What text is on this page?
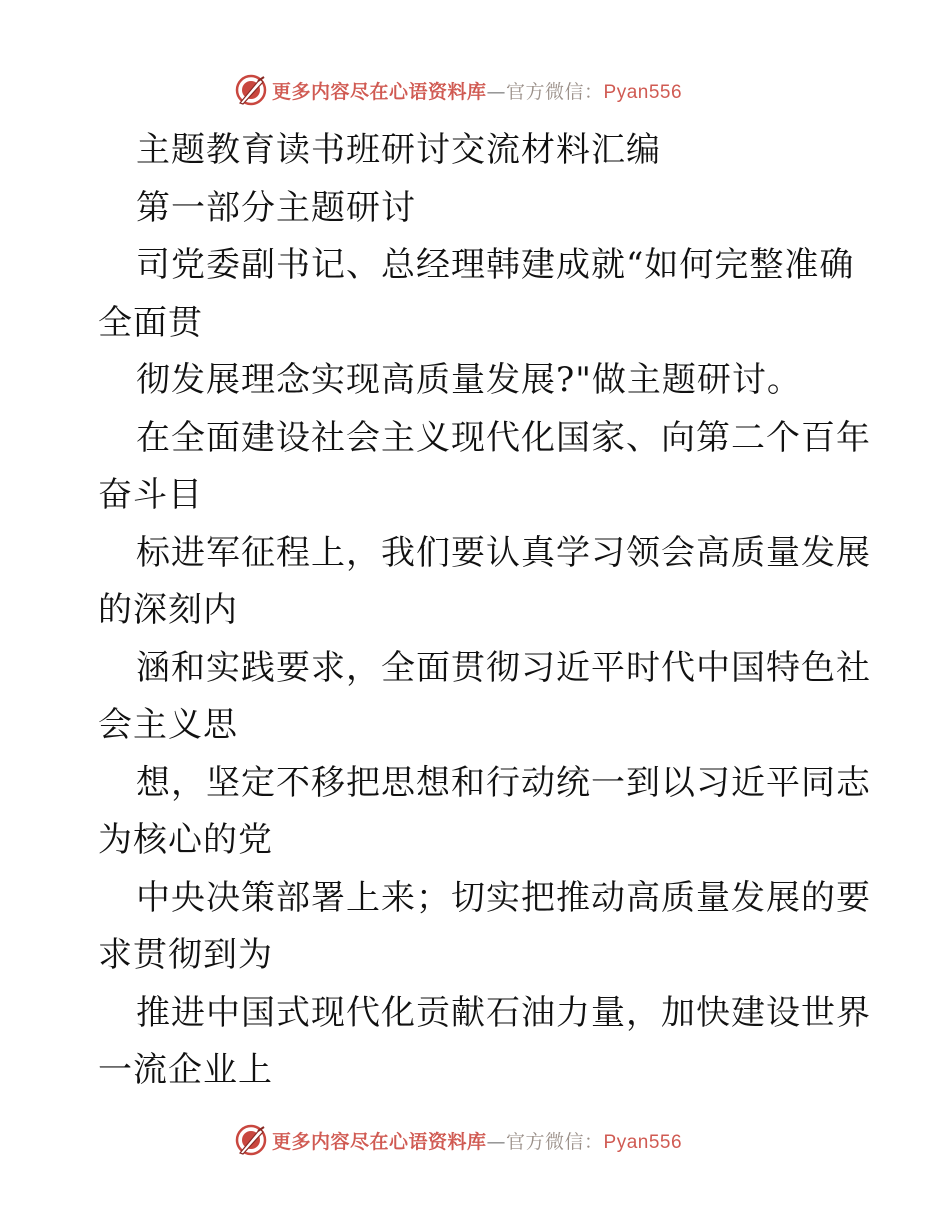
更多内容尽在心语资料库—官方微信：Pyan556
主题教育读书班研讨交流材料汇编
第一部分主题研讨
司党委副书记、总经理韩建成就“如何完整准确
全面贯
彻发展理念实现高质量发展?"做主题研讨。
在全面建设社会主义现代化国家、向第二个百年
奋斗目
标进军征程上，我们要认真学习领会高质量发展
的深刻内
涵和实践要求，全面贯彻习近平时代中国特色社
会主义思
想，坚定不移把思想和行动统一到以习近平同志
为核心的党
中央决策部署上来；切实把推动高质量发展的要
求贯彻到为
推进中国式现代化贡献石油力量，加快建设世界
一流企业上
更多内容尽在心语资料库—官方微信：Pyan556
